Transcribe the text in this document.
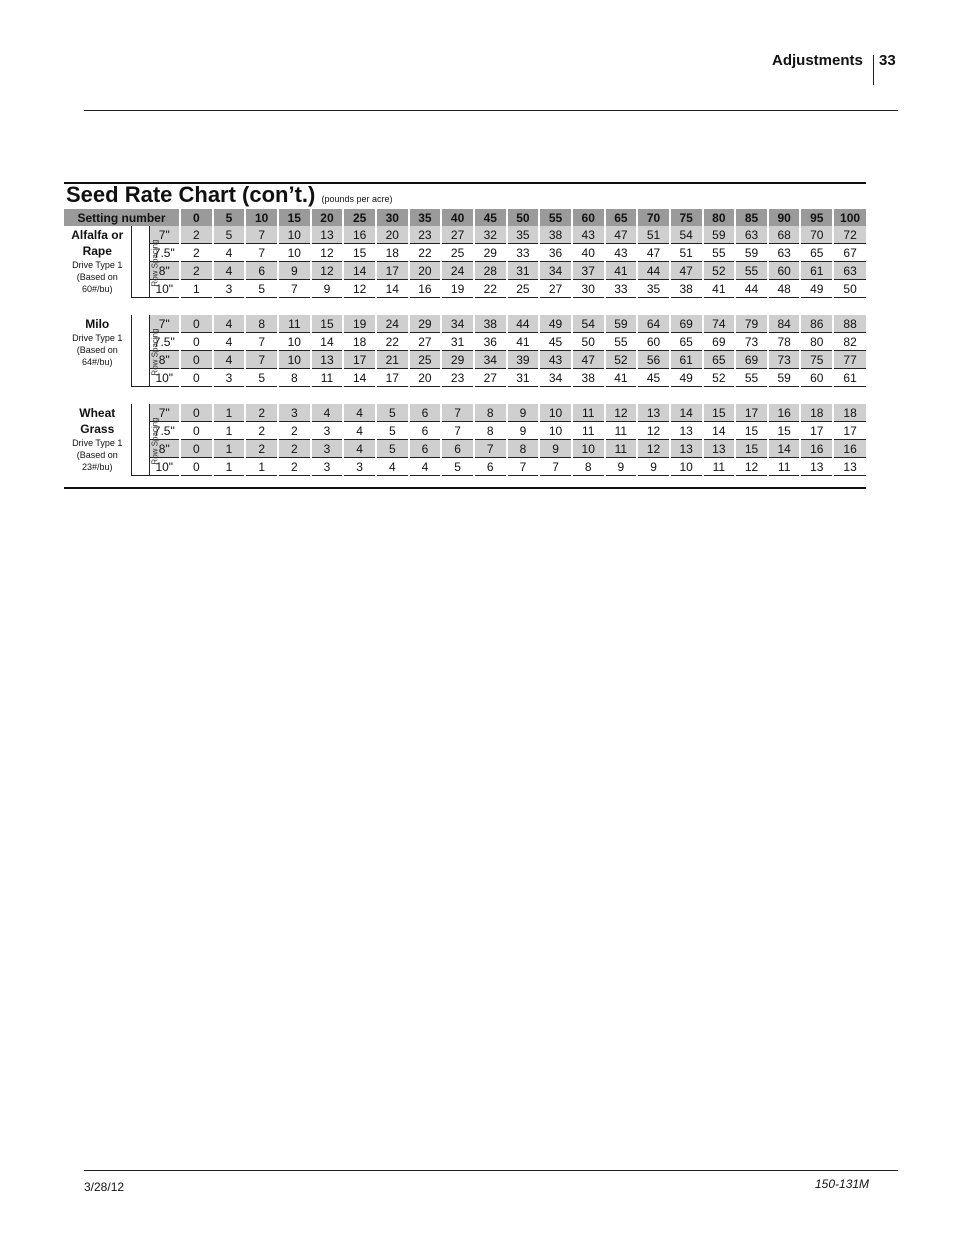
Adjustments 33
Seed Rate Chart (con’t.) (pounds per acre)
Setting number			0	5	10	15	20	25	30	35	40	45	50	55	60	65	70	75	80	85	90	95	100

Alfalfa or
Rape
Drive Type 1
(Based on
60#/bu)	Row Spacing	7"	2	5	7	10	13	16	20	23	27	32	35	38	43	47	51	54	59	63	68	70	72
		7.5"	2	4	7	10	12	15	18	22	25	29	33	36	40	43	47	51	55	59	63	65	67
		8"	2	4	6	9	12	14	17	20	24	28	31	34	37	41	44	47	52	55	60	61	63
		10"	1	3	5	7	9	12	14	16	19	22	25	27	30	33	35	38	41	44	48	49	50

Milo
Drive Type 1
(Based on
64#/bu)	Row Spacing	7"	0	4	8	11	15	19	24	29	34	38	44	49	54	59	64	69	74	79	84	86	88
		7.5"	0	4	7	10	14	18	22	27	31	36	41	45	50	55	60	65	69	73	78	80	82
		8"	0	4	7	10	13	17	21	25	29	34	39	43	47	52	56	61	65	69	73	75	77
		10"	0	3	5	8	11	14	17	20	23	27	31	34	38	41	45	49	52	55	59	60	61

Wheat
Grass
Drive Type 1
(Based on
23#/bu)	Row Spacing	7"	0	1	2	3	4	4	5	6	7	8	9	10	11	12	13	14	15	17	16	18	18
		7.5"	0	1	2	2	3	4	5	6	7	8	9	10	11	11	12	13	14	15	15	17	17
		8"	0	1	2	2	3	4	5	6	6	7	8	9	10	11	12	13	13	15	14	16	16
		10"	0	1	1	2	3	3	4	4	5	6	7	7	8	9	9	10	11	12	11	13	13
3/28/12	150-131M
